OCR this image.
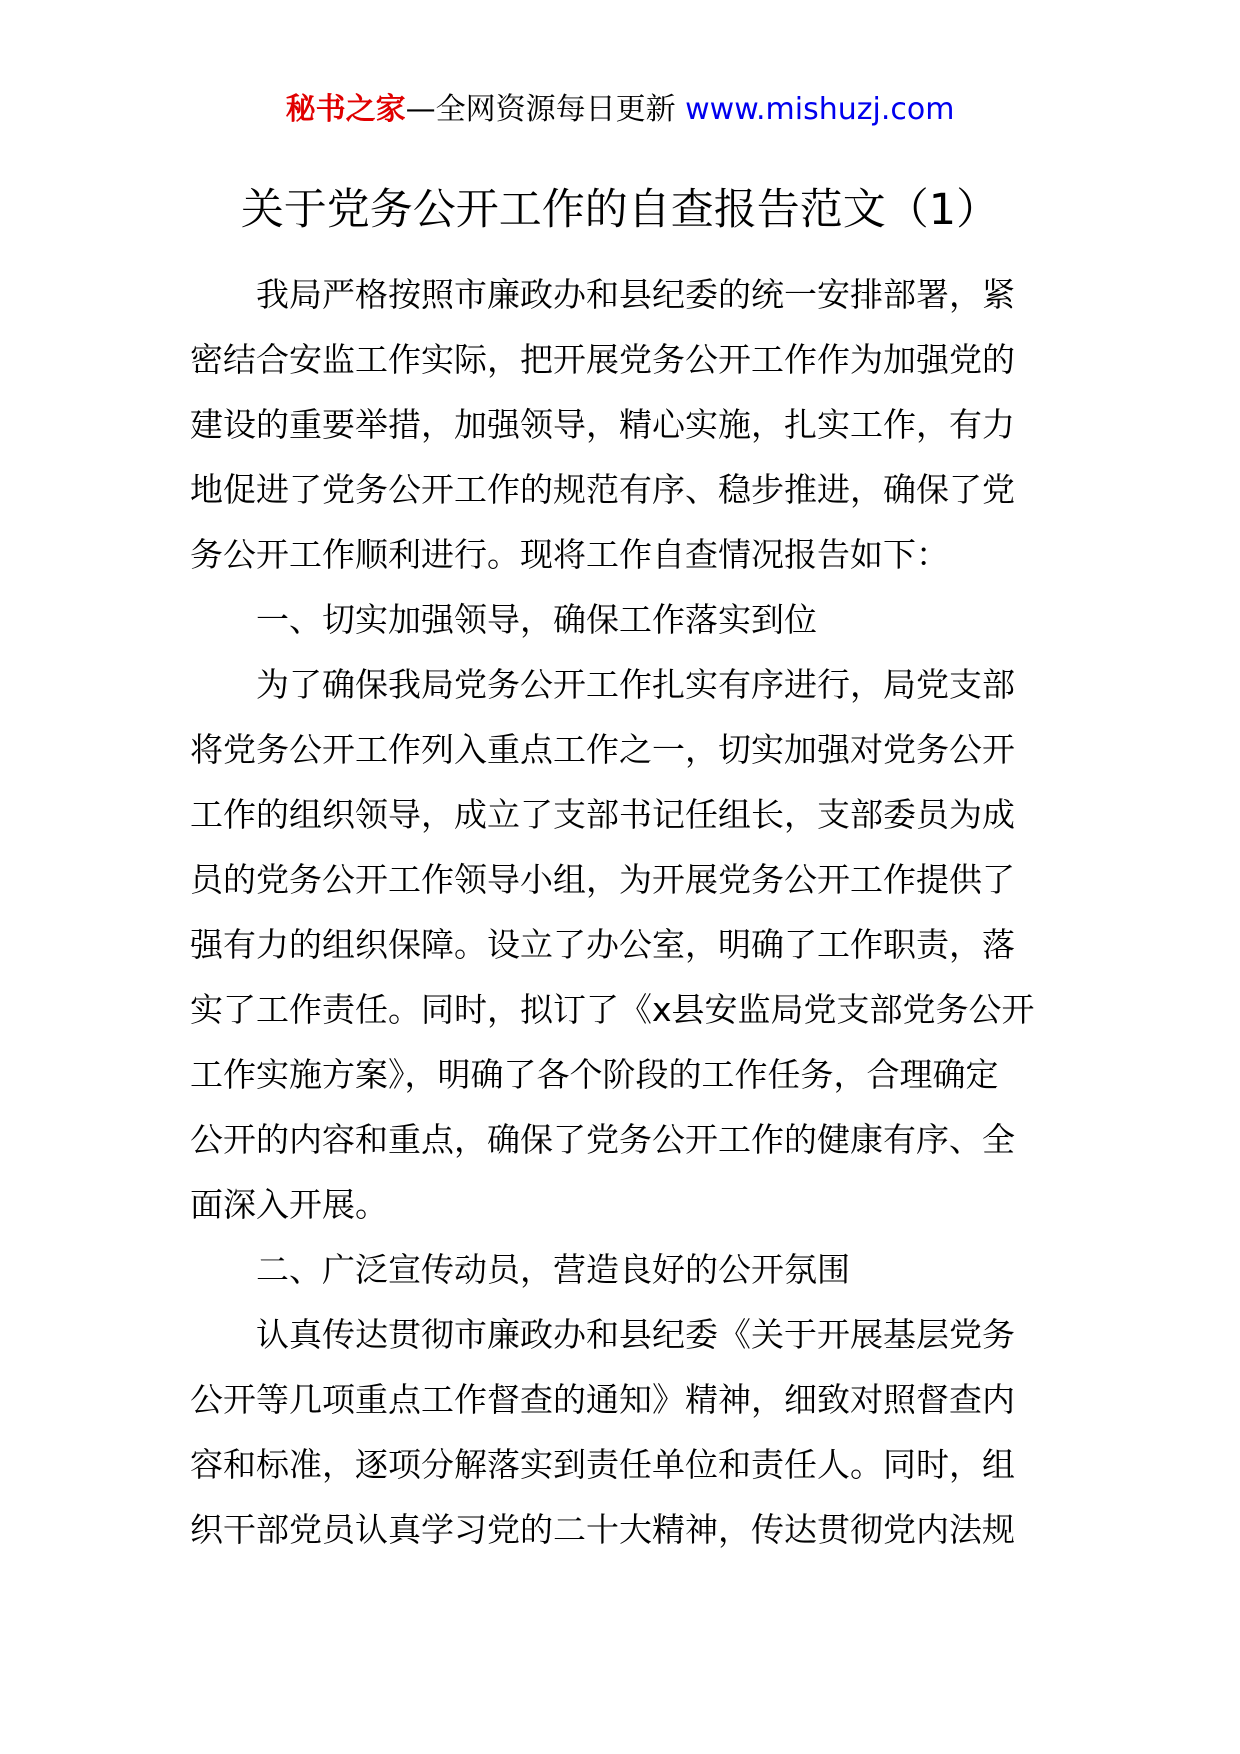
秘书之家—全网资源每日更新 www.mishuzj.com
关于党务公开工作的自查报告范文（1）
我局严格按照市廉政办和县纪委的统一安排部署，紧
密结合安监工作实际，把开展党务公开工作作为加强党的
建设的重要举措，加强领导，精心实施，扎实工作，有力
地促进了党务公开工作的规范有序、稳步推进，确保了党
务公开工作顺利进行。现将工作自查情况报告如下：
一、切实加强领导，确保工作落实到位
为了确保我局党务公开工作扎实有序进行，局党支部
将党务公开工作列入重点工作之一，切实加强对党务公开
工作的组织领导，成立了支部书记任组长，支部委员为成
员的党务公开工作领导小组，为开展党务公开工作提供了
强有力的组织保障。设立了办公室，明确了工作职责，落
实了工作责任。同时，拟订了《x县安监局党支部党务公开
工作实施方案》，明确了各个阶段的工作任务，合理确定
公开的内容和重点，确保了党务公开工作的健康有序、全
面深入开展。
二、广泛宣传动员，营造良好的公开氛围
认真传达贯彻市廉政办和县纪委《关于开展基层党务
公开等几项重点工作督查的通知》精神，细致对照督查内
容和标准，逐项分解落实到责任单位和责任人。同时，组
织干部党员认真学习党的二十大精神，传达贯彻党内法规
